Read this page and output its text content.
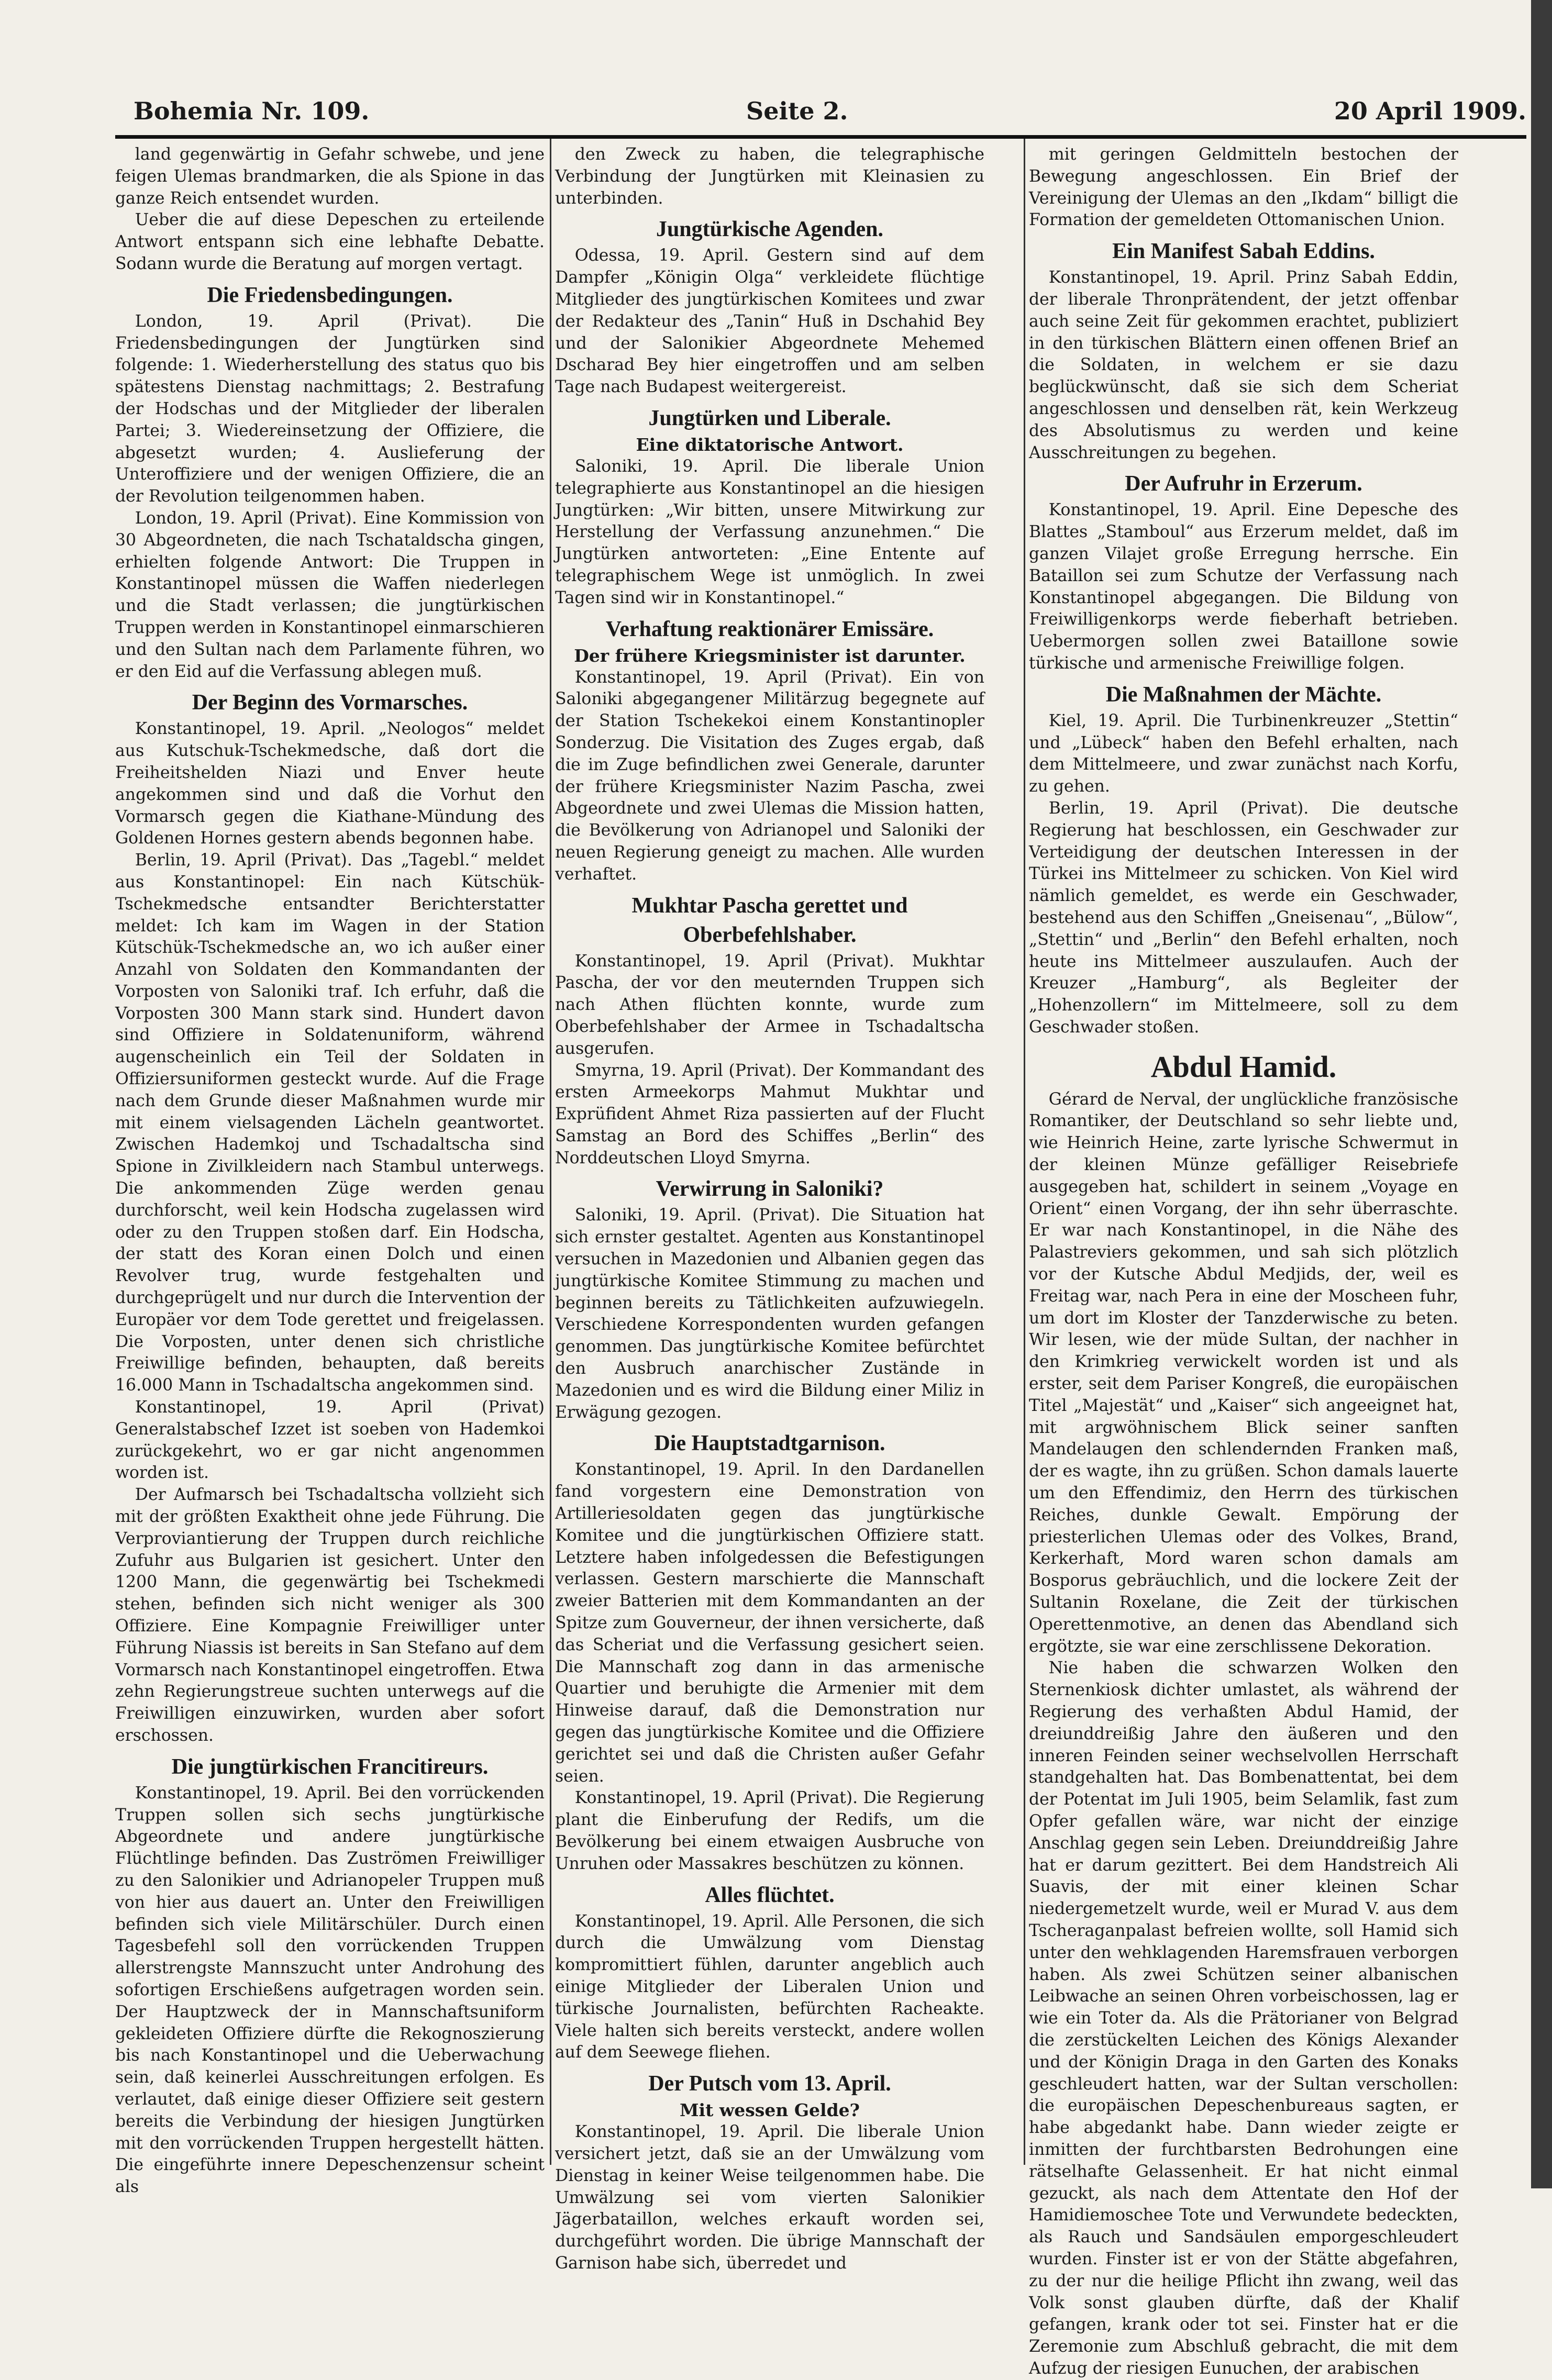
Bohemia Nr. 109.	Seite 2.	20 April 1909.

land gegenwärtig in Gefahr schwebe, und jene feigen Ulemas brandmarken, die als Spione in das ganze Reich entsendet wurden.

Ueber die auf diese Depeschen zu erteilende Antwort entspann sich eine lebhafte Debatte. Sodann wurde die Beratung auf morgen vertagt.

Die Friedensbedingungen.

London, 19. April (Privat). Die Friedensbedingungen der Jungtürken sind folgende: 1. Wiederherstellung des status quo bis spätestens Dienstag nachmittags; 2. Bestrafung der Hodschas und der Mitglieder der liberalen Partei; 3. Wiedereinsetzung der Offiziere, die abgesetzt wurden; 4. Auslieferung der Unteroffiziere und der wenigen Offiziere, die an der Revolution teilgenommen haben.

London, 19. April (Privat). Eine Kommission von 30 Abgeordneten, die nach Tschataldscha gingen, erhielten folgende Antwort: Die Truppen in Konstantinopel müssen die Waffen niederlegen und die Stadt verlassen; die jungtürkischen Truppen werden in Konstantinopel einmarschieren und den Sultan nach dem Parlamente führen, wo er den Eid auf die Verfassung ablegen muß.

Der Beginn des Vormarsches.

Konstantinopel, 19. April. „Neologos“ meldet aus Kutschuk-Tschekmedsche, daß dort die Freiheitshelden Niazi und Enver heute angekommen sind und daß die Vorhut den Vormarsch gegen die Kiathane-Mündung des Goldenen Hornes gestern abends begonnen habe.

Berlin, 19. April (Privat). Das „Tagebl.“ meldet aus Konstantinopel: Ein nach Kütschük-Tschekmedsche entsandter Berichterstatter meldet: Ich kam im Wagen in der Station Kütschük-Tschekmedsche an, wo ich außer einer Anzahl von Soldaten den Kommandanten der Vorposten von Saloniki traf. Ich erfuhr, daß die Vorposten 300 Mann stark sind. Hundert davon sind Offiziere in Soldatenuniform, während augenscheinlich ein Teil der Soldaten in Offiziersuniformen gesteckt wurde. Auf die Frage nach dem Grunde dieser Maßnahmen wurde mir mit einem vielsagenden Lächeln geantwortet. Zwischen Hademkoj und Tschadaltscha sind Spione in Zivilkleidern nach Stambul unterwegs. Die ankommenden Züge werden genau durchforscht, weil kein Hodscha zugelassen wird oder zu den Truppen stoßen darf. Ein Hodscha, der statt des Koran einen Dolch und einen Revolver trug, wurde festgehalten und durchgeprügelt und nur durch die Intervention der Europäer vor dem Tode gerettet und freigelassen. Die Vorposten, unter denen sich christliche Freiwillige befinden, behaupten, daß bereits 16.000 Mann in Tschadaltscha angekommen sind.

Konstantinopel, 19. April (Privat) Generalstabschef Izzet ist soeben von Hademkoi zurückgekehrt, wo er gar nicht angenommen worden ist.

Der Aufmarsch bei Tschadaltscha vollzieht sich mit der größten Exaktheit ohne jede Führung. Die Verproviantierung der Truppen durch reichliche Zufuhr aus Bulgarien ist gesichert. Unter den 1200 Mann, die gegenwärtig bei Tschekmedi stehen, befinden sich nicht weniger als 300 Offiziere. Eine Kompagnie Freiwilliger unter Führung Niassis ist bereits in San Stefano auf dem Vormarsch nach Konstantinopel eingetroffen. Etwa zehn Regierungstreue suchten unterwegs auf die Freiwilligen einzuwirken, wurden aber sofort erschossen.

Die jungtürkischen Francitireurs.

Konstantinopel, 19. April. Bei den vorrückenden Truppen sollen sich sechs jungtürkische Abgeordnete und andere jungtürkische Flüchtlinge befinden. Das Zuströmen Freiwilliger zu den Salonikier und Adrianopeler Truppen muß von hier aus dauert an. Unter den Freiwilligen befinden sich viele Militärschüler. Durch einen Tagesbefehl soll den vorrückenden Truppen allerstrengste Mannszucht unter Androhung des sofortigen Erschießens aufgetragen worden sein. Der Hauptzweck der in Mannschaftsuniform gekleideten Offiziere dürfte die Rekognoszierung bis nach Konstantinopel und die Ueberwachung sein, daß keinerlei Ausschreitungen erfolgen. Es verlautet, daß einige dieser Offiziere seit gestern bereits die Verbindung der hiesigen Jungtürken mit den vorrückenden Truppen hergestellt hätten. Die eingeführte innere Depeschenzensur scheint als

den Zweck zu haben, die telegraphische Verbindung der Jungtürken mit Kleinasien zu unterbinden.

Jungtürkische Agenden.

Odessa, 19. April. Gestern sind auf dem Dampfer „Königin Olga“ verkleidete flüchtige Mitglieder des jungtürkischen Komitees und zwar der Redakteur des „Tanin“ Huß in Dschahid Bey und der Salonikier Abgeordnete Mehemed Dscharad Bey hier eingetroffen und am selben Tage nach Budapest weitergereist.

Jungtürken und Liberale.
Eine diktatorische Antwort.

Saloniki, 19. April. Die liberale Union telegraphierte aus Konstantinopel an die hiesigen Jungtürken: „Wir bitten, unsere Mitwirkung zur Herstellung der Verfassung anzunehmen.“ Die Jungtürken antworteten: „Eine Entente auf telegraphischem Wege ist unmöglich. In zwei Tagen sind wir in Konstantinopel.“

Verhaftung reaktionärer Emissäre.
Der frühere Kriegsminister ist darunter.

Konstantinopel, 19. April (Privat). Ein von Saloniki abgegangener Militärzug begegnete auf der Station Tschekekoi einem Konstantinopler Sonderzug. Die Visitation des Zuges ergab, daß die im Zuge befindlichen zwei Generale, darunter der frühere Kriegsminister Nazim Pascha, zwei Abgeordnete und zwei Ulemas die Mission hatten, die Bevölkerung von Adrianopel und Saloniki der neuen Regierung geneigt zu machen. Alle wurden verhaftet.

Mukhtar Pascha gerettet und Oberbefehlshaber.

Konstantinopel, 19. April (Privat). Mukhtar Pascha, der vor den meuternden Truppen sich nach Athen flüchten konnte, wurde zum Oberbefehlshaber der Armee in Tschadaltscha ausgerufen.

Smyrna, 19. April (Privat). Der Kommandant des ersten Armeekorps Mahmut Mukhtar und Exprüfident Ahmet Riza passierten auf der Flucht Samstag an Bord des Schiffes „Berlin“ des Norddeutschen Lloyd Smyrna.

Verwirrung in Saloniki?

Saloniki, 19. April. (Privat). Die Situation hat sich ernster gestaltet. Agenten aus Konstantinopel versuchen in Mazedonien und Albanien gegen das jungtürkische Komitee Stimmung zu machen und beginnen bereits zu Tätlichkeiten aufzuwiegeln. Verschiedene Korrespondenten wurden gefangen genommen. Das jungtürkische Komitee befürchtet den Ausbruch anarchischer Zustände in Mazedonien und es wird die Bildung einer Miliz in Erwägung gezogen.

Die Hauptstadtgarnison.

Konstantinopel, 19. April. In den Dardanellen fand vorgestern eine Demonstration von Artilleriesoldaten gegen das jungtürkische Komitee und die jungtürkischen Offiziere statt. Letztere haben infolgedessen die Befestigungen verlassen. Gestern marschierte die Mannschaft zweier Batterien mit dem Kommandanten an der Spitze zum Gouverneur, der ihnen versicherte, daß das Scheriat und die Verfassung gesichert seien. Die Mannschaft zog dann in das armenische Quartier und beruhigte die Armenier mit dem Hinweise darauf, daß die Demonstration nur gegen das jungtürkische Komitee und die Offiziere gerichtet sei und daß die Christen außer Gefahr seien.

Konstantinopel, 19. April (Privat). Die Regierung plant die Einberufung der Redifs, um die Bevölkerung bei einem etwaigen Ausbruche von Unruhen oder Massakres beschützen zu können.

Alles flüchtet.

Konstantinopel, 19. April. Alle Personen, die sich durch die Umwälzung vom Dienstag kompromittiert fühlen, darunter angeblich auch einige Mitglieder der Liberalen Union und türkische Journalisten, befürchten Racheakte. Viele halten sich bereits versteckt, andere wollen auf dem Seewege fliehen.

Der Putsch vom 13. April.
Mit wessen Gelde?

Konstantinopel, 19. April. Die liberale Union versichert jetzt, daß sie an der Umwälzung vom Dienstag in keiner Weise teilgenommen habe. Die Umwälzung sei vom vierten Salonikier Jägerbataillon, welches erkauft worden sei, durchgeführt worden. Die übrige Mannschaft der Garnison habe sich, überredet und

mit geringen Geldmitteln bestochen der Bewegung angeschlossen. Ein Brief der Vereinigung der Ulemas an den „Ikdam“ billigt die Formation der gemeldeten Ottomanischen Union.

Ein Manifest Sabah Eddins.

Konstantinopel, 19. April. Prinz Sabah Eddin, der liberale Thronprätendent, der jetzt offenbar auch seine Zeit für gekommen erachtet, publiziert in den türkischen Blättern einen offenen Brief an die Soldaten, in welchem er sie dazu beglückwünscht, daß sie sich dem Scheriat angeschlossen und denselben rät, kein Werkzeug des Absolutismus zu werden und keine Ausschreitungen zu begehen.

Der Aufruhr in Erzerum.

Konstantinopel, 19. April. Eine Depesche des Blattes „Stamboul“ aus Erzerum meldet, daß im ganzen Vilajet große Erregung herrsche. Ein Bataillon sei zum Schutze der Verfassung nach Konstantinopel abgegangen. Die Bildung von Freiwilligenkorps werde fieberhaft betrieben. Uebermorgen sollen zwei Bataillone sowie türkische und armenische Freiwillige folgen.

Die Maßnahmen der Mächte.

Kiel, 19. April. Die Turbinenkreuzer „Stettin“ und „Lübeck“ haben den Befehl erhalten, nach dem Mittelmeere, und zwar zunächst nach Korfu, zu gehen.

Berlin, 19. April (Privat). Die deutsche Regierung hat beschlossen, ein Geschwader zur Verteidigung der deutschen Interessen in der Türkei ins Mittelmeer zu schicken. Von Kiel wird nämlich gemeldet, es werde ein Geschwader, bestehend aus den Schiffen „Gneisenau“, „Bülow“, „Stettin“ und „Berlin“ den Befehl erhalten, noch heute ins Mittelmeer auszulaufen. Auch der Kreuzer „Hamburg“, als Begleiter der „Hohenzollern“ im Mittelmeere, soll zu dem Geschwader stoßen.

Abdul Hamid.

Gérard de Nerval, der unglückliche französische Romantiker, der Deutschland so sehr liebte und, wie Heinrich Heine, zarte lyrische Schwermut in der kleinen Münze gefälliger Reisebriefe ausgegeben hat, schildert in seinem „Voyage en Orient“ einen Vorgang, der ihn sehr überraschte. Er war nach Konstantinopel, in die Nähe des Palastreviers gekommen, und sah sich plötzlich vor der Kutsche Abdul Medjids, der, weil es Freitag war, nach Pera in eine der Moscheen fuhr, um dort im Kloster der Tanzderwische zu beten. Wir lesen, wie der müde Sultan, der nachher in den Krimkrieg verwickelt worden ist und als erster, seit dem Pariser Kongreß, die europäischen Titel „Majestät“ und „Kaiser“ sich angeeignet hat, mit argwöhnischem Blick seiner sanften Mandelaugen den schlendernden Franken maß, der es wagte, ihn zu grüßen. Schon damals lauerte um den Effendimiz, den Herrn des türkischen Reiches, dunkle Gewalt. Empörung der priesterlichen Ulemas oder des Volkes, Brand, Kerkerhaft, Mord waren schon damals am Bosporus gebräuchlich, und die lockere Zeit der Sultanin Roxelane, die Zeit der türkischen Operettenmotive, an denen das Abendland sich ergötzte, sie war eine zerschlissene Dekoration.

Nie haben die schwarzen Wolken den Sternenkiosk dichter umlastet, als während der Regierung des verhaßten Abdul Hamid, der dreiunddreißig Jahre den äußeren und den inneren Feinden seiner wechselvollen Herrschaft standgehalten hat. Das Bombenattentat, bei dem der Potentat im Juli 1905, beim Selamlik, fast zum Opfer gefallen wäre, war nicht der einzige Anschlag gegen sein Leben. Dreiunddreißig Jahre hat er darum gezittert. Bei dem Handstreich Ali Suavis, der mit einer kleinen Schar niedergemetzelt wurde, weil er Murad V. aus dem Tscheraganpalast befreien wollte, soll Hamid sich unter den wehklagenden Haremsfrauen verborgen haben. Als zwei Schützen seiner albanischen Leibwache an seinen Ohren vorbeischossen, lag er wie ein Toter da. Als die Prätorianer von Belgrad die zerstückelten Leichen des Königs Alexander und der Königin Draga in den Garten des Konaks geschleudert hatten, war der Sultan verschollen: die europäischen Depeschenbureaus sagten, er habe abgedankt habe. Dann wieder zeigte er inmitten der furchtbarsten Bedrohungen eine rätselhafte Gelassenheit. Er hat nicht einmal gezuckt, als nach dem Attentate den Hof der Hamidiemoschee Tote und Verwundete bedeckten, als Rauch und Sandsäulen emporgeschleudert wurden. Finster ist er von der Stätte abgefahren, zu der nur die heilige Pflicht ihn zwang, weil das Volk sonst glauben dürfte, daß der Khalif gefangen, krank oder tot sei. Finster hat er die Zeremonie zum Abschluß gebracht, die mit dem Aufzug der riesigen Eunuchen, der arabischen
